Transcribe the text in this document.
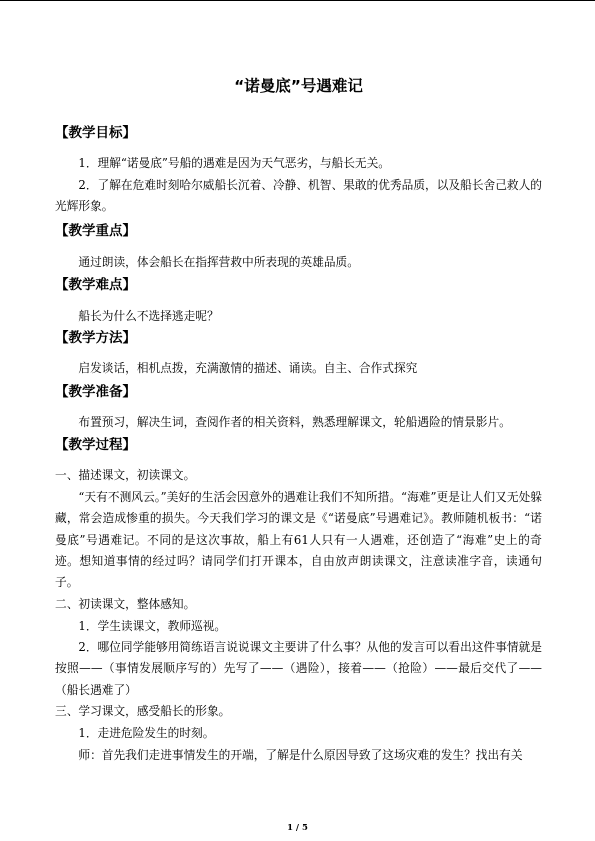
“诺曼底”号遇难记
【教学目标】
1．理解“诺曼底”号船的遇难是因为天气恶劣，与船长无关。
2．了解在危难时刻哈尔威船长沉着、冷静、机智、果敢的优秀品质，以及船长舍己救人的光辉形象。
【教学重点】
通过朗读，体会船长在指挥营救中所表现的英雄品质。
【教学难点】
船长为什么不选择逃走呢？
【教学方法】
启发谈话，相机点拨，充满激情的描述、诵读。自主、合作式探究
【教学准备】
布置预习，解决生词，查阅作者的相关资料，熟悉理解课文，轮船遇险的情景影片。
【教学过程】
一、描述课文，初读课文。
“天有不测风云。”美好的生活会因意外的遇难让我们不知所措。“海难”更是让人们又无处躲藏，常会造成惨重的损失。今天我们学习的课文是《“诺曼底”号遇难记》。教师随机板书：“诺曼底”号遇难记。不同的是这次事故，船上有61人只有一人遇难，还创造了“海难”史上的奇迹。想知道事情的经过吗？请同学们打开课本，自由放声朗读课文，注意读准字音，读通句子。
二、初读课文，整体感知。
1．学生读课文，教师巡视。
2．哪位同学能够用简练语言说说课文主要讲了什么事？从他的发言可以看出这件事情就是按照——（事情发展顺序写的）先写了——（遇险），接着——（抢险）——最后交代了——（船长遇难了）
三、学习课文，感受船长的形象。
1．走进危险发生的时刻。
师：首先我们走进事情发生的开端，了解是什么原因导致了这场灾难的发生？找出有关
1 / 5
